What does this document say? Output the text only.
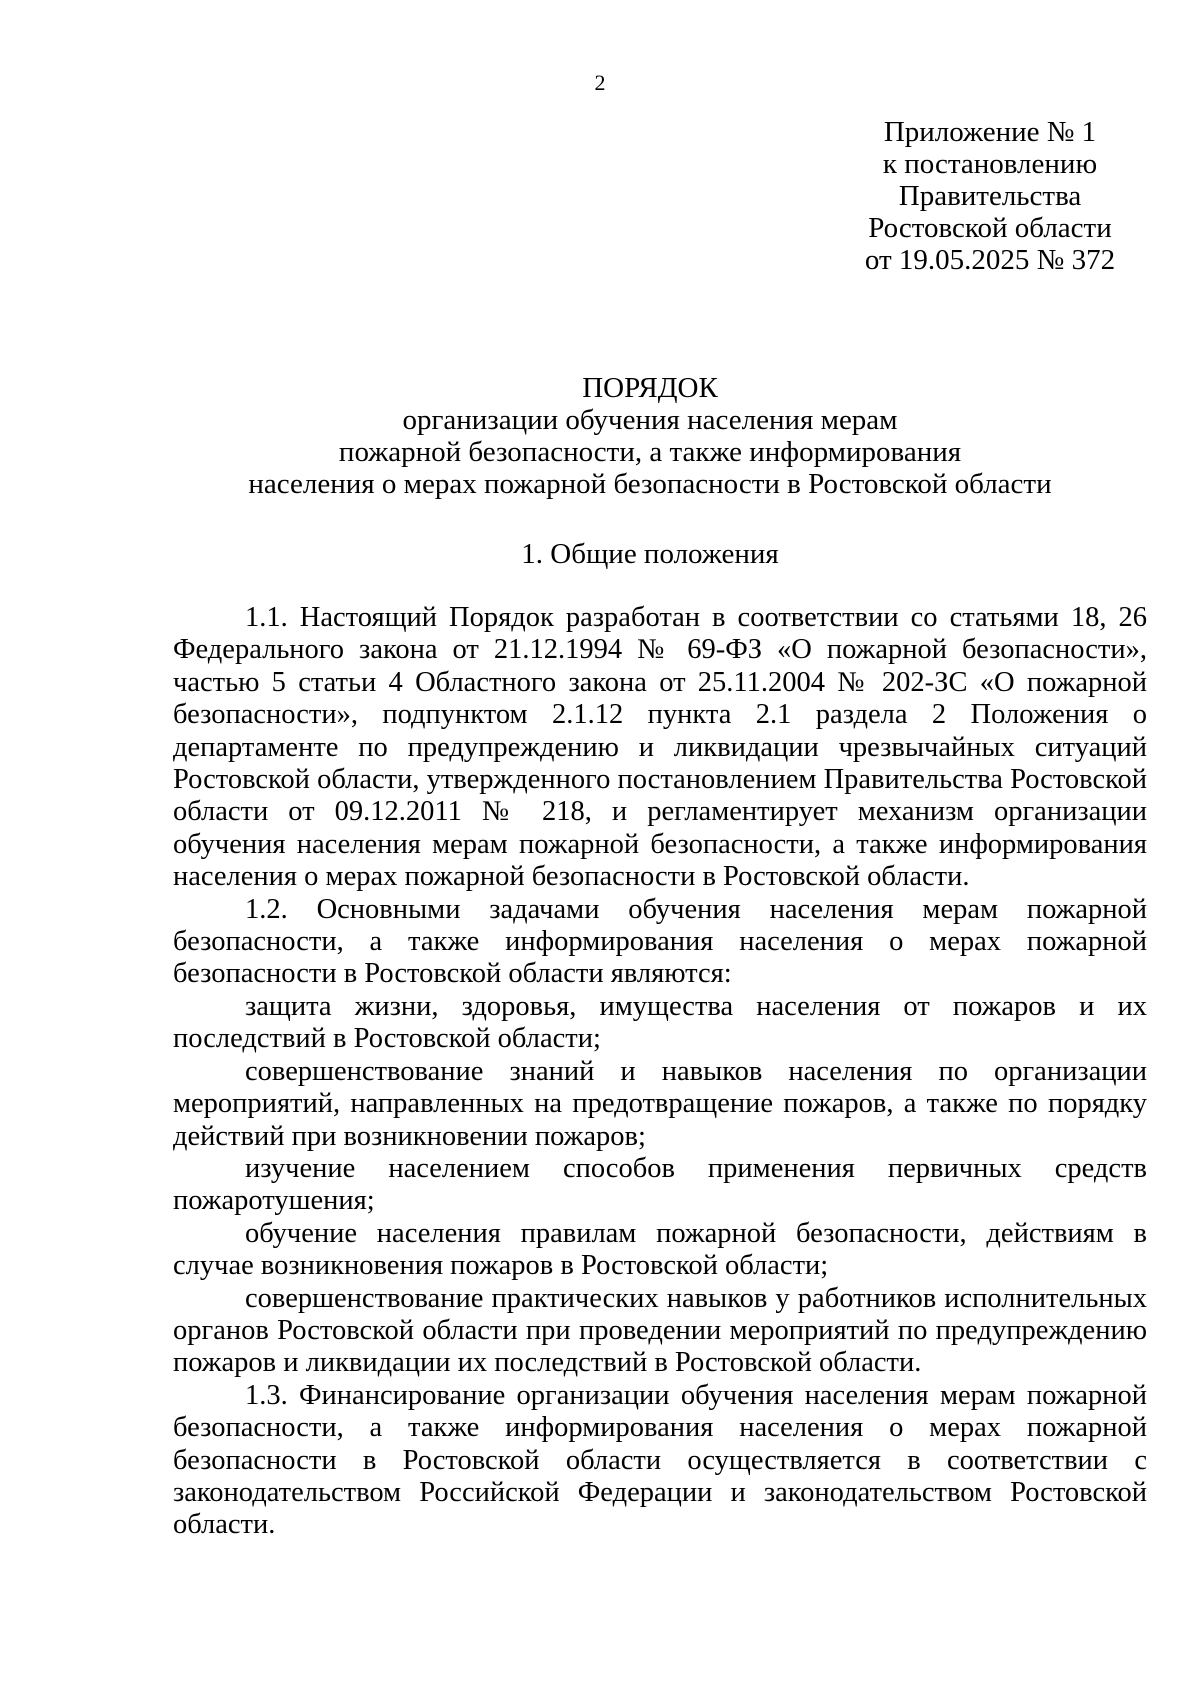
2
Приложение № 1
к постановлению
Правительства
Ростовской области
от 19.05.2025 № 372
ПОРЯДОК
организации обучения населения мерам
пожарной безопасности, а также информирования
населения о мерах пожарной безопасности в Ростовской области
1. Общие положения

1.1. Настоящий Порядок разработан в соответствии со статьями 18, 26 Федерального закона от 21.12.1994 № 69-ФЗ «О пожарной безопасности», частью 5 статьи 4 Областного закона от 25.11.2004 № 202-ЗС «О пожарной безопасности», подпунктом 2.1.12 пункта 2.1 раздела 2 Положения о департаменте по предупреждению и ликвидации чрезвычайных ситуаций Ростовской области, утвержденного постановлением Правительства Ростовской области от 09.12.2011 № 218, и регламентирует механизм организации обучения населения мерам пожарной безопасности, а также информирования населения о мерах пожарной безопасности в Ростовской области.

1.2. Основными задачами обучения населения мерам пожарной безопасности, а также информирования населения о мерах пожарной безопасности в Ростовской области являются:

защита жизни, здоровья, имущества населения от пожаров и их последствий в Ростовской области;

совершенствование знаний и навыков населения по организации мероприятий, направленных на предотвращение пожаров, а также по порядку действий при возникновении пожаров;

изучение населением способов применения первичных средств пожаротушения;

обучение населения правилам пожарной безопасности, действиям в случае возникновения пожаров в Ростовской области;

совершенствование практических навыков у работников исполнительных органов Ростовской области при проведении мероприятий по предупреждению пожаров и ликвидации их последствий в Ростовской области.

1.3. Финансирование организации обучения населения мерам пожарной безопасности, а также информирования населения о мерах пожарной безопасности в Ростовской области осуществляется в соответствии с законодательством Российской Федерации и законодательством Ростовской области.
